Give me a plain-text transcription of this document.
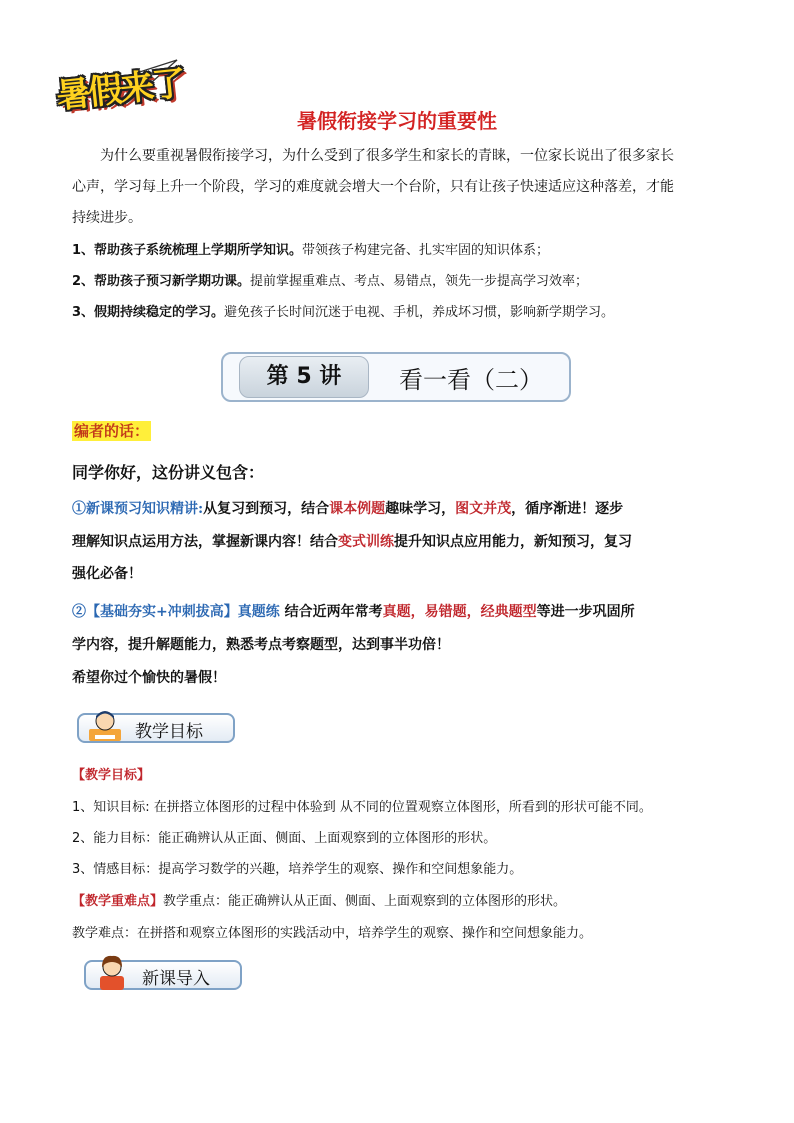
暑假来了
暑假衔接学习的重要性
为什么要重视暑假衔接学习，为什么受到了很多学生和家长的青睐，一位家长说出了很多家长
心声，学习每上升一个阶段，学习的难度就会增大一个台阶，只有让孩子快速适应这种落差，才能
持续进步。
1、帮助孩子系统梳理上学期所学知识。带领孩子构建完备、扎实牢固的知识体系；
2、帮助孩子预习新学期功课。提前掌握重难点、考点、易错点，领先一步提高学习效率；
3、假期持续稳定的学习。避免孩子长时间沉迷于电视、手机，养成坏习惯，影响新学期学习。
第 5 讲	看一看（二）
编者的话：
同学你好，这份讲义包含：
①新课预习知识精讲:从复习到预习，结合课本例题趣味学习，图文并茂，循序渐进！逐步
理解知识点运用方法，掌握新课内容！结合变式训练提升知识点应用能力，新知预习，复习
强化必备！
②【基础夯实+冲刺拔高】真题练 结合近两年常考真题，易错题，经典题型等进一步巩固所
学内容，提升解题能力，熟悉考点考察题型，达到事半功倍！
希望你过个愉快的暑假！
教学目标
【教学目标】
1、知识目标: 在拼搭立体图形的过程中体验到 从不同的位置观察立体图形，所看到的形状可能不同。
2、能力目标：能正确辨认从正面、侧面、上面观察到的立体图形的形状。
3、情感目标：提高学习数学的兴趣，培养学生的观察、操作和空间想象能力。
【教学重难点】教学重点：能正确辨认从正面、侧面、上面观察到的立体图形的形状。
教学难点：在拼搭和观察立体图形的实践活动中，培养学生的观察、操作和空间想象能力。
新课导入
